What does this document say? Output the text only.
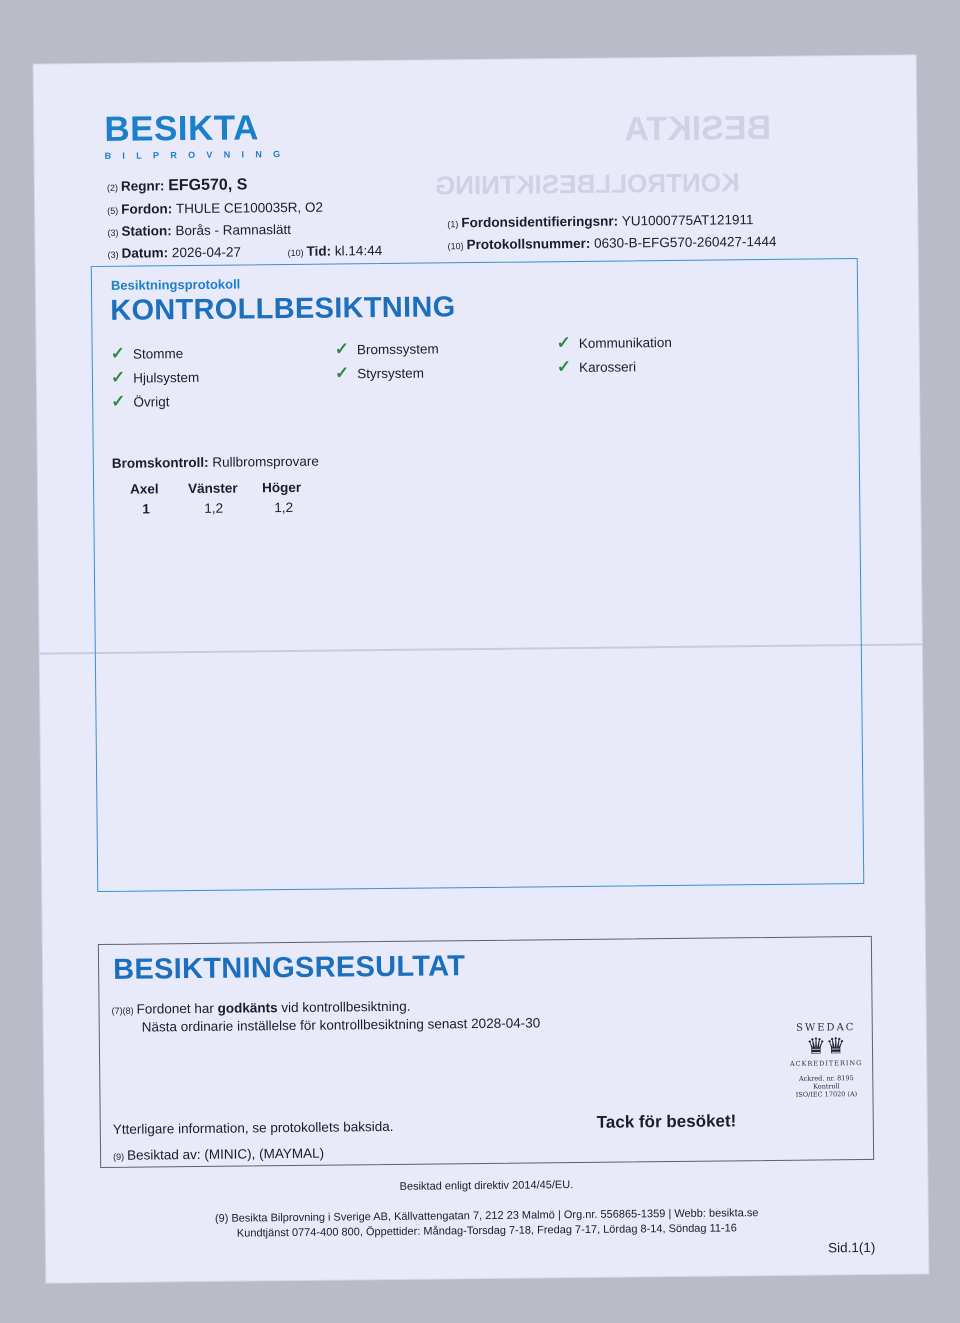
BESIKTA
KONTROLLBESIKTNING
BESIKTA
BILPROVNING
(2) Regnr: EFG570, S
(5) Fordon: THULE CE100035R, O2
(3) Station: Borås - Ramnaslätt
(3) Datum: 2026-04-27	(10) Tid: kl.14:44
(1) Fordonsidentifieringsnr: YU1000775AT121911
(10) Protokollsnummer: 0630-B-EFG570-260427-1444
Besiktningsprotokoll
KONTROLLBESIKTNING
✓ Stomme
✓ Hjulsystem
✓ Övrigt
✓ Bromssystem
✓ Styrsystem
✓ Kommunikation
✓ Karosseri
Bromskontroll: Rullbromsprovare
Axel Vänster Höger
1	1,2	1,2
BESIKTNINGSRESULTAT
(7)(8) Fordonet har godkänts vid kontrollbesiktning.
Nästa ordinarie inställelse för kontrollbesiktning senast 2028-04-30
Ytterligare information, se protokollets baksida.	Tack för besöket!
(9) Besiktad av: (MINIC), (MAYMAL)
SWEDAC
♛♛
ACKREDITERING
Ackred. nr. 8195
Kontroll
ISO/IEC 17020 (A)
Besiktad enligt direktiv 2014/45/EU.
(9) Besikta Bilprovning i Sverige AB, Källvattengatan 7, 212 23 Malmö | Org.nr. 556865-1359 | Webb: besikta.se
Kundtjänst 0774-400 800, Öppettider: Måndag-Torsdag 7-18, Fredag 7-17, Lördag 8-14, Söndag 11-16
Sid.1(1)
